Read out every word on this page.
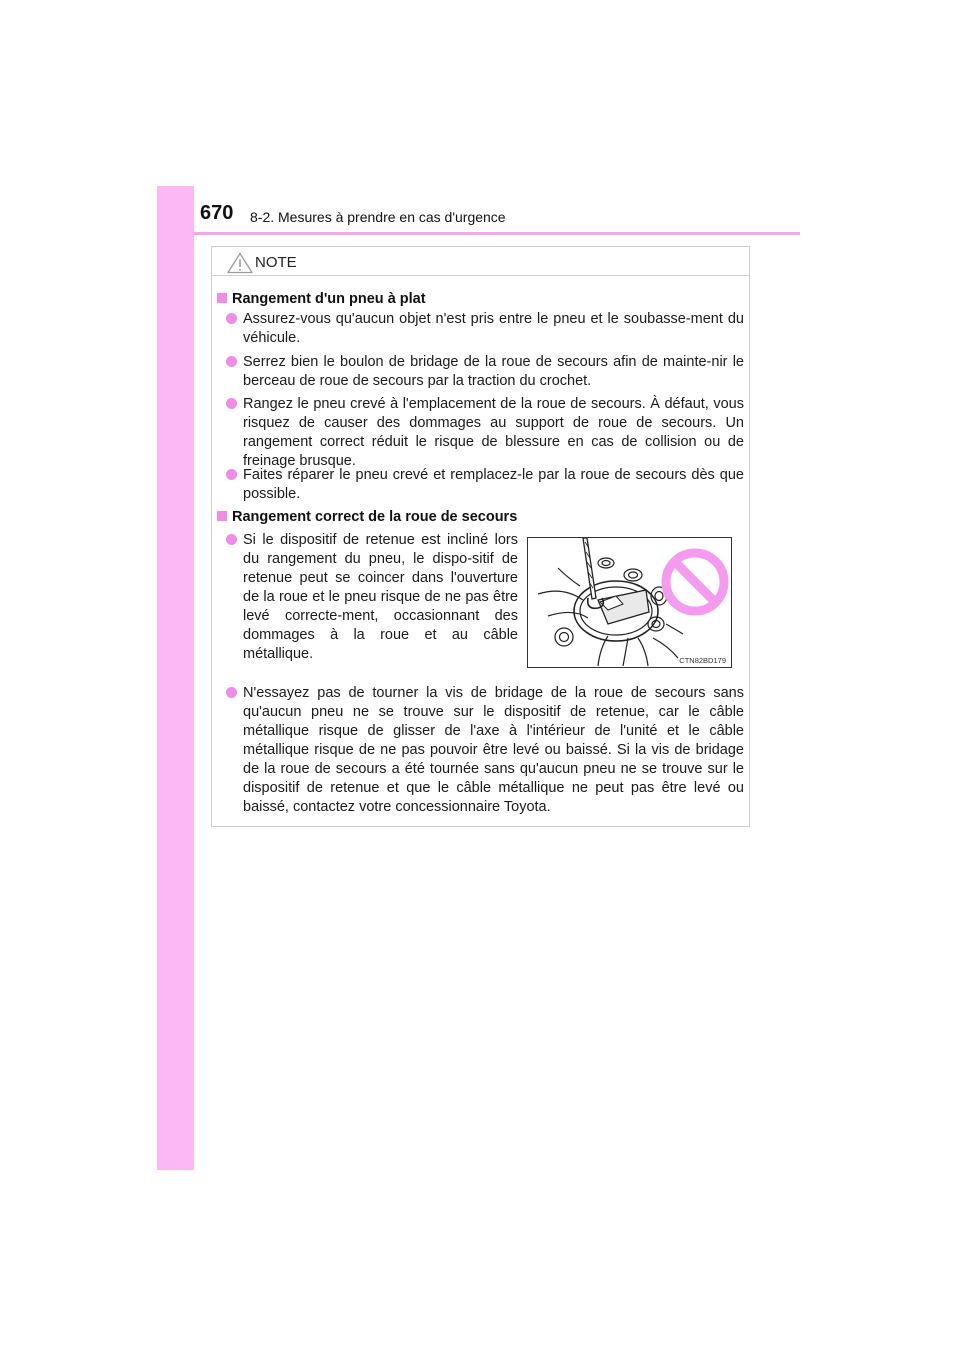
670 8-2. Mesures à prendre en cas d'urgence
NOTE
Rangement d'un pneu à plat
Assurez-vous qu'aucun objet n'est pris entre le pneu et le soubasse-ment du véhicule.
Serrez bien le boulon de bridage de la roue de secours afin de mainte-nir le berceau de roue de secours par la traction du crochet.
Rangez le pneu crevé à l'emplacement de la roue de secours. À défaut, vous risquez de causer des dommages au support de roue de secours. Un rangement correct réduit le risque de blessure en cas de collision ou de freinage brusque.
Faites réparer le pneu crevé et remplacez-le par la roue de secours dès que possible.
Rangement correct de la roue de secours
Si le dispositif de retenue est incliné lors du rangement du pneu, le dispo-sitif de retenue peut se coincer dans l'ouverture de la roue et le pneu risque de ne pas être levé correcte-ment, occasionnant des dommages à la roue et au câble métallique.	CTN82BD179
N'essayez pas de tourner la vis de bridage de la roue de secours sans qu'aucun pneu ne se trouve sur le dispositif de retenue, car le câble métallique risque de glisser de l'axe à l'intérieur de l'unité et le câble métallique risque de ne pas pouvoir être levé ou baissé. Si la vis de bridage de la roue de secours a été tournée sans qu'aucun pneu ne se trouve sur le dispositif de retenue et que le câble métallique ne peut pas être levé ou baissé, contactez votre concessionnaire Toyota.
